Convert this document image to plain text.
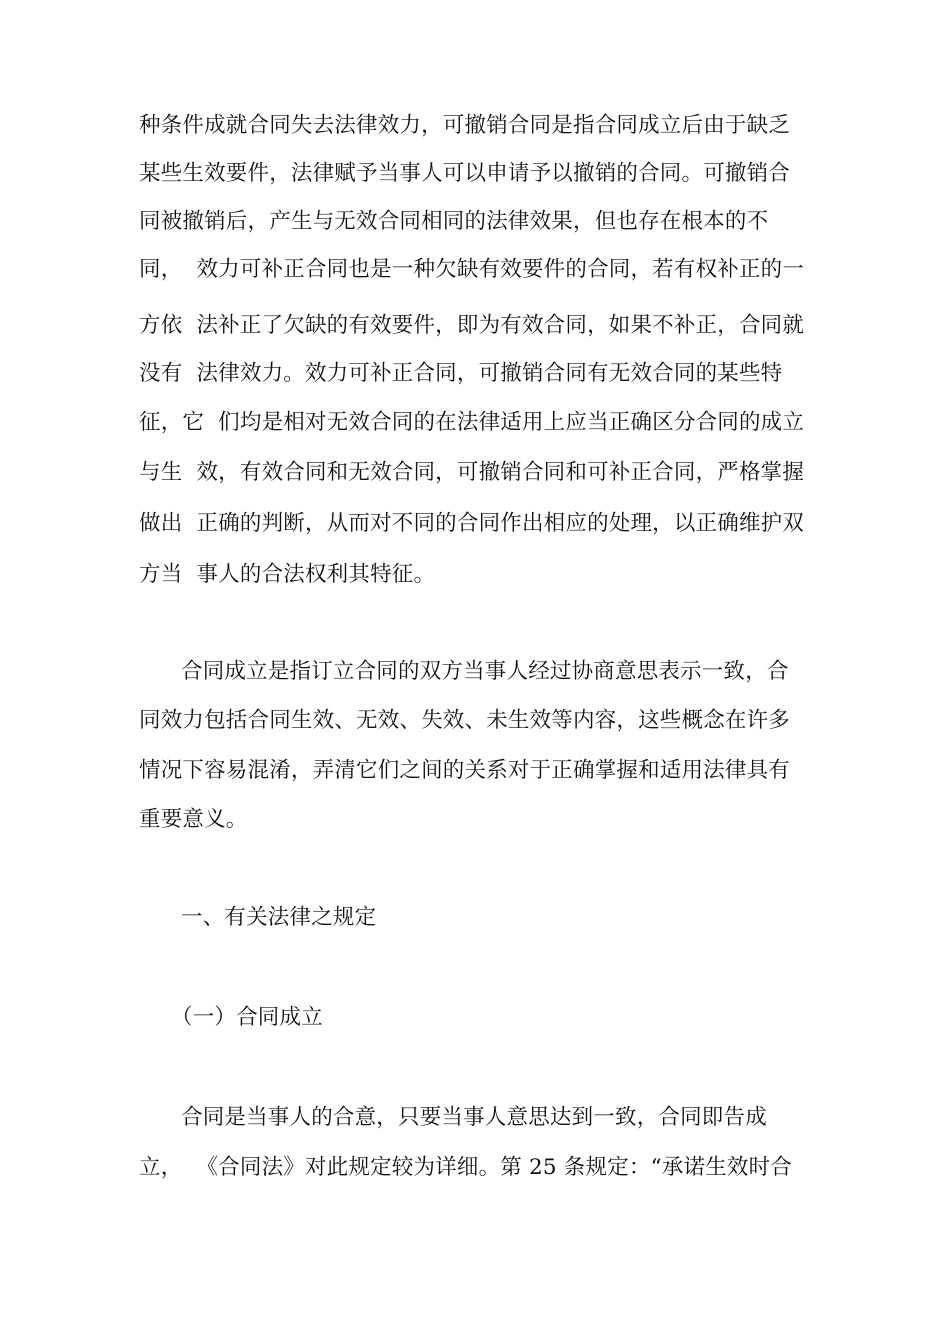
种条件成就合同失去法律效力，可撤销合同是指合同成立后由于缺乏
某些生效要件，法律赋予当事人可以申请予以撤销的合同。可撤销合
同被撤销后，产生与无效合同相同的法律效果，但也存在根本的不
同，  效力可补正合同也是一种欠缺有效要件的合同，若有权补正的一
方依  法补正了欠缺的有效要件，即为有效合同，如果不补正，合同就
没有  法律效力。效力可补正合同，可撤销合同有无效合同的某些特
征，它  们均是相对无效合同的在法律适用上应当正确区分合同的成立
与生  效，有效合同和无效合同，可撤销合同和可补正合同，严格掌握
做出  正确的判断，从而对不同的合同作出相应的处理，以正确维护双
方当  事人的合法权利其特征。
合同成立是指订立合同的双方当事人经过协商意思表示一致，合
同效力包括合同生效、无效、失效、未生效等内容，这些概念在许多
情况下容易混淆，弄清它们之间的关系对于正确掌握和适用法律具有
重要意义。
一、有关法律之规定
（一）合同成立
合同是当事人的合意，只要当事人意思达到一致，合同即告成
立，  《合同法》对此规定较为详细。第 25 条规定：“承诺生效时合
